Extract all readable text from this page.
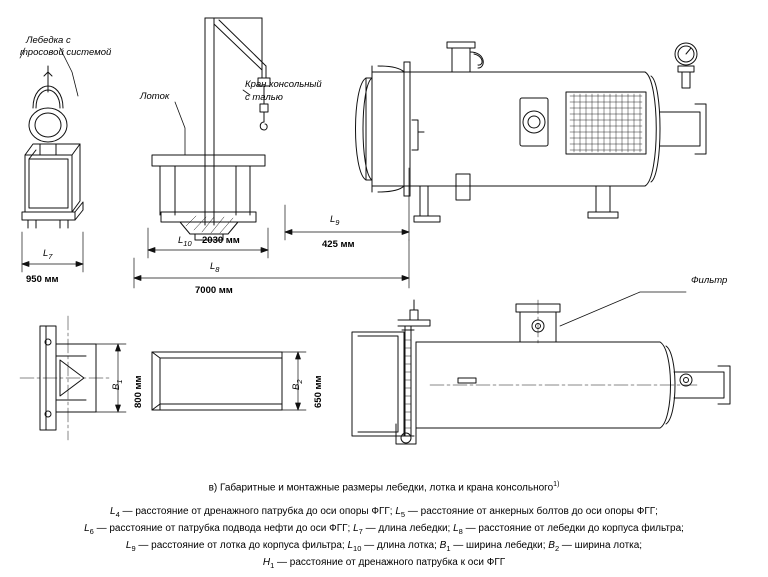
Лебедка с
тросовой системой
Лоток
Кран консольный
с талью
Фильтр
$L_7$
950 мм
$L_{10}$ 2030 мм
$L_9$
425 мм
$L_8$
7000 мм
$B_1$ 800 мм	$B_2$ 650 мм
в) Габаритные и монтажные размеры лебедки, лотка и крана консольного$^{1)}$
$L_4$ — расстояние от дренажного патрубка до оси опоры ФГГ; $L_5$ — расстояние от анкерных болтов до оси опоры ФГГ;
$L_6$ — расстояние от патрубка подвода нефти до оси ФГГ; $L_7$ — длина лебедки; $L_8$ — расстояние от лебедки до корпуса фильтра;
$L_9$ — расстояние от лотка до корпуса фильтра; $L_{10}$ — длина лотка; $B_1$ — ширина лебедки; $B_2$ — ширина лотка;
$H_1$ — расстояние от дренажного патрубка к оси ФГГ
